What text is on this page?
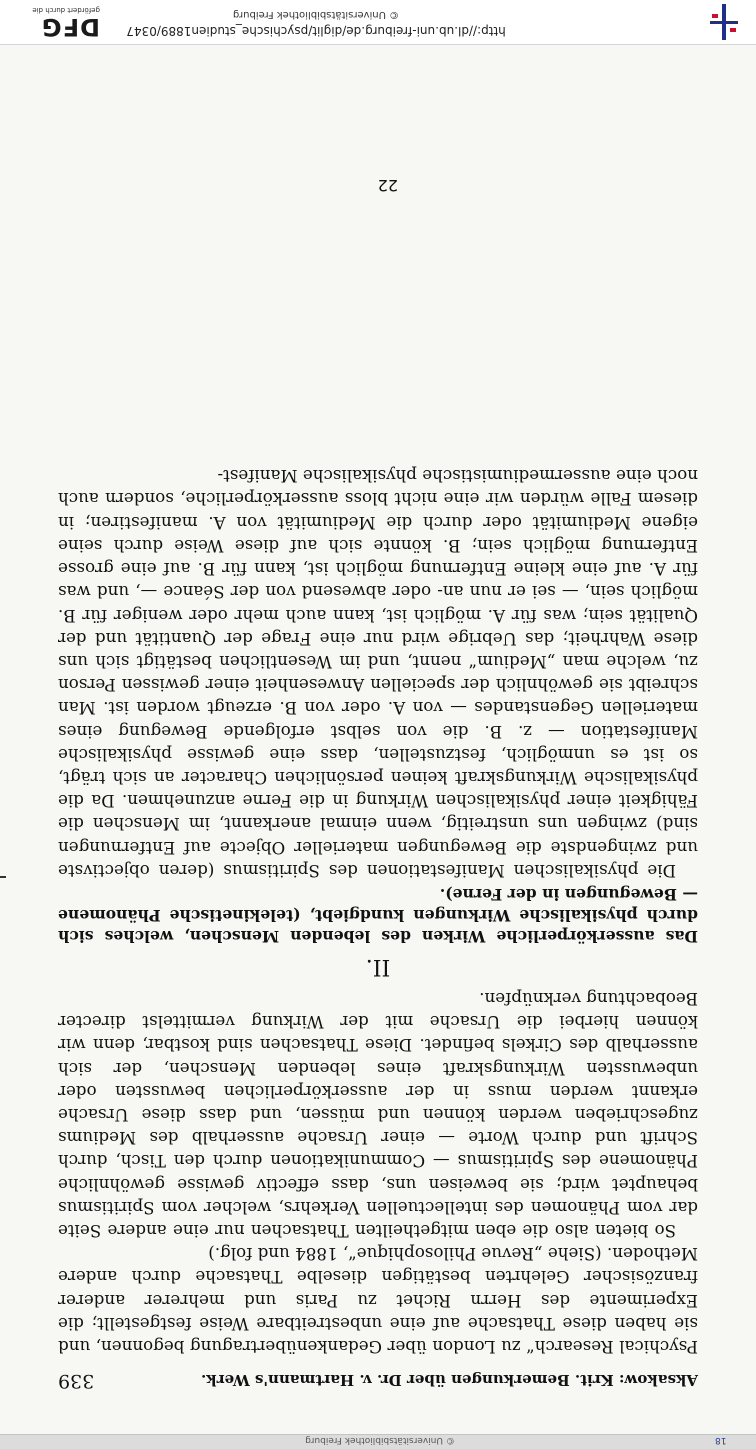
http://dl.ub.uni-freiburg.de/diglit/psychische_studien1889/0347
© Universitätsbibliothek Freiburg
DFG
gefördert durch die
Aksakow: Krit. Bemerkungen über Dr. v. Hartmann's Werk.
339

Psychical Research“ zu London über Gedankenübertragung begonnen, und sie haben diese Thatsache auf eine unbestreitbare Weise festgestellt; die Experimente des Herrn Richet zu Paris und mehrerer anderer französischer Gelehrten bestätigen dieselbe Thatsache durch andere Methoden. (Siehe „Revue Philosophique“, 1884 und folg.)

So bieten also die eben mitgetheilten Thatsachen nur eine andere Seite dar vom Phänomen des intellectuellen Verkehrs, welcher vom Spiritismus behauptet wird; sie beweisen uns, dass effectiv gewisse gewöhnliche Phänomene des Spiritismus — Communikationen durch den Tisch, durch Schrift und durch Worte — einer Ursache ausserhalb des Mediums zugeschrieben werden können und müssen, und dass diese Ursache erkannt werden muss in der ausserkörperlichen bewussten oder unbewussten Wirkungskraft eines lebenden Menschen, der sich ausserhalb des Cirkels befindet. Diese Thatsachen sind kostbar, denn wir können hierbei die Ursache mit der Wirkung vermittelst directer Beobachtung verknüpfen.

II.

Das ausserkörperliche Wirken des lebenden Menschen, welches sich durch physikalische Wirkungen kundgiebt, (telekinetische Phänomene — Bewegungen in der Ferne).

Die physikalischen Manifestationen des Spiritismus (deren objectivste und zwingendste die Bewegungen materieller Objecte auf Entfernungen sind) zwingen uns unstreitig, wenn einmal anerkannt, im Menschen die Fähigkeit einer physikalischen Wirkung in die Ferne anzunehmen. Da die physikalische Wirkungskraft keinen persönlichen Character an sich trägt, so ist es unmöglich, festzustellen, dass eine gewisse physikalische Manifestation — z. B. die von selbst erfolgende Bewegung eines materiellen Gegenstandes — von A. oder von B. erzeugt worden ist. Man schreibt sie gewöhnlich der speciellen Anwesenheit einer gewissen Person zu, welche man „Medium“ nennt, und im Wesentlichen bestätigt sich uns diese Wahrheit; das Uebrige wird nur eine Frage der Quantität und der Qualität sein; was für A. möglich ist, kann auch mehr oder weniger für B. möglich sein, — sei er nun an- oder abwesend von der Séance —, und was für A. auf eine kleine Entfernung möglich ist, kann für B. auf eine grosse Entfernung möglich sein; B. könnte sich auf diese Weise durch seine eigene Mediumität oder durch die Mediumität von A. manifestiren; in diesem Falle würden wir eine nicht bloss ausserkörperliche, sondern auch noch eine aussermediumistische physikalische Manifest-

22
© Universitätsbibliothek Freiburg	18
